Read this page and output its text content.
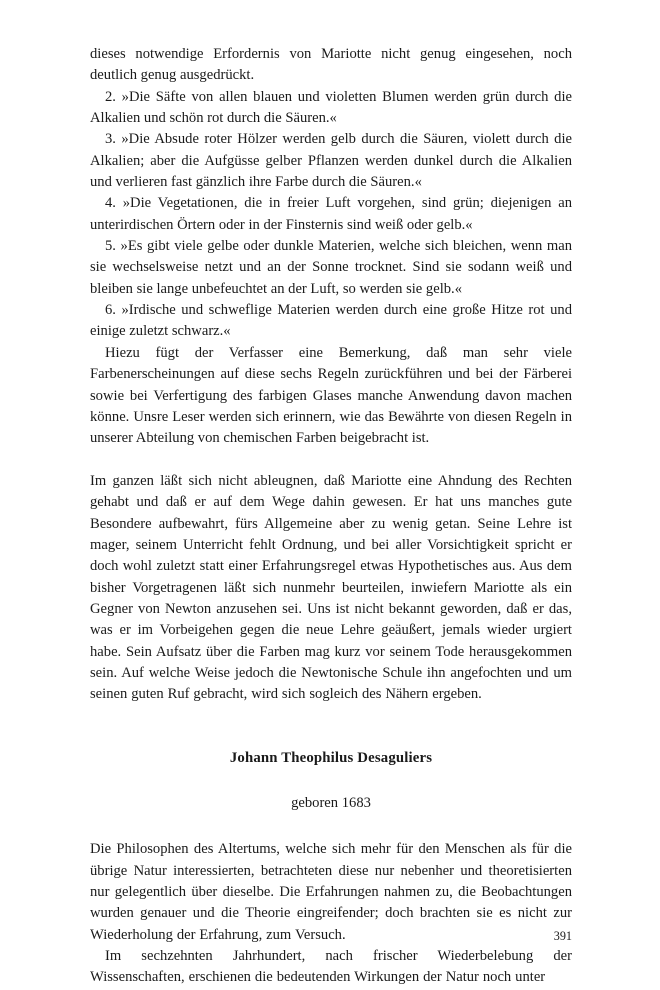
dieses notwendige Erfordernis von Mariotte nicht genug eingesehen, noch deutlich genug ausgedrückt.

2. »Die Säfte von allen blauen und violetten Blumen werden grün durch die Alkalien und schön rot durch die Säuren.«

3. »Die Absude roter Hölzer werden gelb durch die Säuren, violett durch die Alkalien; aber die Aufgüsse gelber Pflanzen werden dunkel durch die Alkalien und verlieren fast gänzlich ihre Farbe durch die Säuren.«

4. »Die Vegetationen, die in freier Luft vorgehen, sind grün; diejenigen an unterirdischen Örtern oder in der Finsternis sind weiß oder gelb.«

5. »Es gibt viele gelbe oder dunkle Materien, welche sich bleichen, wenn man sie wechselsweise netzt und an der Sonne trocknet. Sind sie sodann weiß und bleiben sie lange unbefeuchtet an der Luft, so werden sie gelb.«

6. »Irdische und schweflige Materien werden durch eine große Hitze rot und einige zuletzt schwarz.«

Hiezu fügt der Verfasser eine Bemerkung, daß man sehr viele Farbenerscheinungen auf diese sechs Regeln zurückführen und bei der Färberei sowie bei Verfertigung des farbigen Glases manche Anwendung davon machen könne. Unsre Leser werden sich erinnern, wie das Bewährte von diesen Regeln in unserer Abteilung von chemischen Farben beigebracht ist.

Im ganzen läßt sich nicht ableugnen, daß Mariotte eine Ahndung des Rechten gehabt und daß er auf dem Wege dahin gewesen. Er hat uns manches gute Besondere aufbewahrt, fürs Allgemeine aber zu wenig getan. Seine Lehre ist mager, seinem Unterricht fehlt Ordnung, und bei aller Vorsichtigkeit spricht er doch wohl zuletzt statt einer Erfahrungsregel etwas Hypothetisches aus. Aus dem bisher Vorgetragenen läßt sich nunmehr beurteilen, inwiefern Mariotte als ein Gegner von Newton anzusehen sei. Uns ist nicht bekannt geworden, daß er das, was er im Vorbeigehen gegen die neue Lehre geäußert, jemals wieder urgiert habe. Sein Aufsatz über die Farben mag kurz vor seinem Tode herausgekommen sein. Auf welche Weise jedoch die Newtonische Schule ihn angefochten und um seinen guten Ruf gebracht, wird sich sogleich des Nähern ergeben.

Johann Theophilus Desaguliers

geboren 1683

Die Philosophen des Altertums, welche sich mehr für den Menschen als für die übrige Natur interessierten, betrachteten diese nur nebenher und theoretisierten nur gelegentlich über dieselbe. Die Erfahrungen nahmen zu, die Beobachtungen wurden genauer und die Theorie eingreifender; doch brachten sie es nicht zur Wiederholung der Erfahrung, zum Versuch.

Im sechzehnten Jahrhundert, nach frischer Wiederbelebung der Wissenschaften, erschienen die bedeutenden Wirkungen der Natur noch unter

391
